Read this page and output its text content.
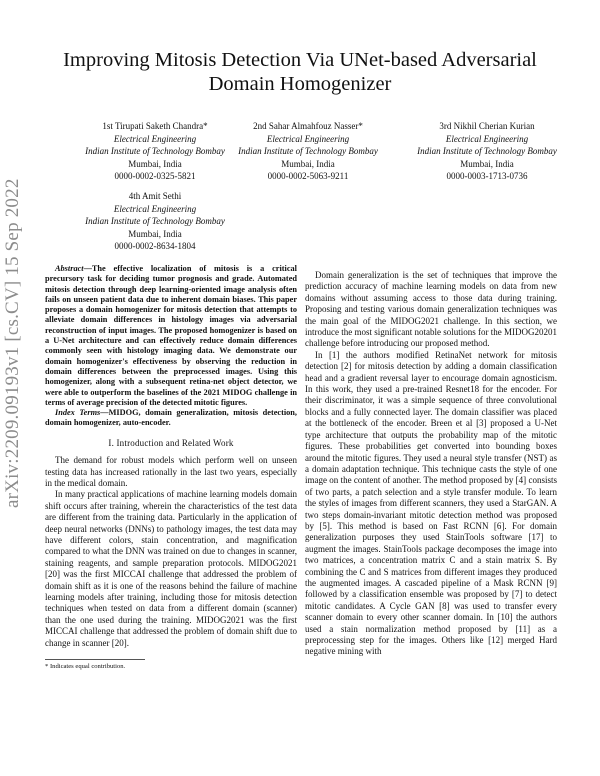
arXiv:2209.09193v1 [cs.CV] 15 Sep 2022
Improving Mitosis Detection Via UNet-based Adversarial Domain Homogenizer
1st Tirupati Saketh Chandra*
Electrical Engineering
Indian Institute of Technology Bombay
Mumbai, India
0000-0002-0325-5821
2nd Sahar Almahfouz Nasser*
Electrical Engineering
Indian Institute of Technology Bombay
Mumbai, India
0000-0002-5063-9211
3rd Nikhil Cherian Kurian
Electrical Engineering
Indian Institute of Technology Bombay
Mumbai, India
0000-0003-1713-0736
4th Amit Sethi
Electrical Engineering
Indian Institute of Technology Bombay
Mumbai, India
0000-0002-8634-1804

Abstract—The effective localization of mitosis is a critical precursory task for deciding tumor prognosis and grade. Automated mitosis detection through deep learning-oriented image analysis often fails on unseen patient data due to inherent domain biases. This paper proposes a domain homogenizer for mitosis detection that attempts to alleviate domain differences in histology images via adversarial reconstruction of input images. The proposed homogenizer is based on a U-Net architecture and can effectively reduce domain differences commonly seen with histology imaging data. We demonstrate our domain homogenizer's effectiveness by observing the reduction in domain differences between the preprocessed images. Using this homogenizer, along with a subsequent retina-net object detector, we were able to outperform the baselines of the 2021 MIDOG challenge in terms of average precision of the detected mitotic figures.

Index Terms—MIDOG, domain generalization, mitosis detection, domain homogenizer, auto-encoder.

I. Introduction and Related Work

The demand for robust models which perform well on unseen testing data has increased rationally in the last two years, especially in the medical domain.

In many practical applications of machine learning models domain shift occurs after training, wherein the characteristics of the test data are different from the training data. Particularly in the application of deep neural networks (DNNs) to pathology images, the test data may have different colors, stain concentration, and magnification compared to what the DNN was trained on due to changes in scanner, staining reagents, and sample preparation protocols. MIDOG2021 [20] was the first MICCAI challenge that addressed the problem of domain shift as it is one of the reasons behind the failure of machine learning models after training, including those for mitosis detection techniques when tested on data from a different domain (scanner) than the one used during the training. MIDOG2021 was the first MICCAI challenge that addressed the problem of domain shift due to change in scanner [20].

* Indicates equal contribution.

Domain generalization is the set of techniques that improve the prediction accuracy of machine learning models on data from new domains without assuming access to those data during training. Proposing and testing various domain generalization techniques was the main goal of the MIDOG2021 challenge. In this section, we introduce the most significant notable solutions for the MIDOG20201 challenge before introducing our proposed method.

In [1] the authors modified RetinaNet network for mitosis detection [2] for mitosis detection by adding a domain classification head and a gradient reversal layer to encourage domain agnosticism. In this work, they used a pre-trained Resnet18 for the encoder. For their discriminator, it was a simple sequence of three convolutional blocks and a fully connected layer. The domain classifier was placed at the bottleneck of the encoder. Breen et al [3] proposed a U-Net type architecture that outputs the probability map of the mitotic figures. These probabilities get converted into bounding boxes around the mitotic figures. They used a neural style transfer (NST) as a domain adaptation technique. This technique casts the style of one image on the content of another. The method proposed by [4] consists of two parts, a patch selection and a style transfer module. To learn the styles of images from different scanners, they used a StarGAN. A two steps domain-invariant mitotic detection method was proposed by [5]. This method is based on Fast RCNN [6]. For domain generalization purposes they used StainTools software [17] to augment the images. StainTools package decomposes the image into two matrices, a concentration matrix C and a stain matrix S. By combining the C and S matrices from different images they produced the augmented images. A cascaded pipeline of a Mask RCNN [9] followed by a classification ensemble was proposed by [7] to detect mitotic candidates. A Cycle GAN [8] was used to transfer every scanner domain to every other scanner domain. In [10] the authors used a stain normalization method proposed by [11] as a preprocessing step for the images. Others like [12] merged Hard negative mining with
